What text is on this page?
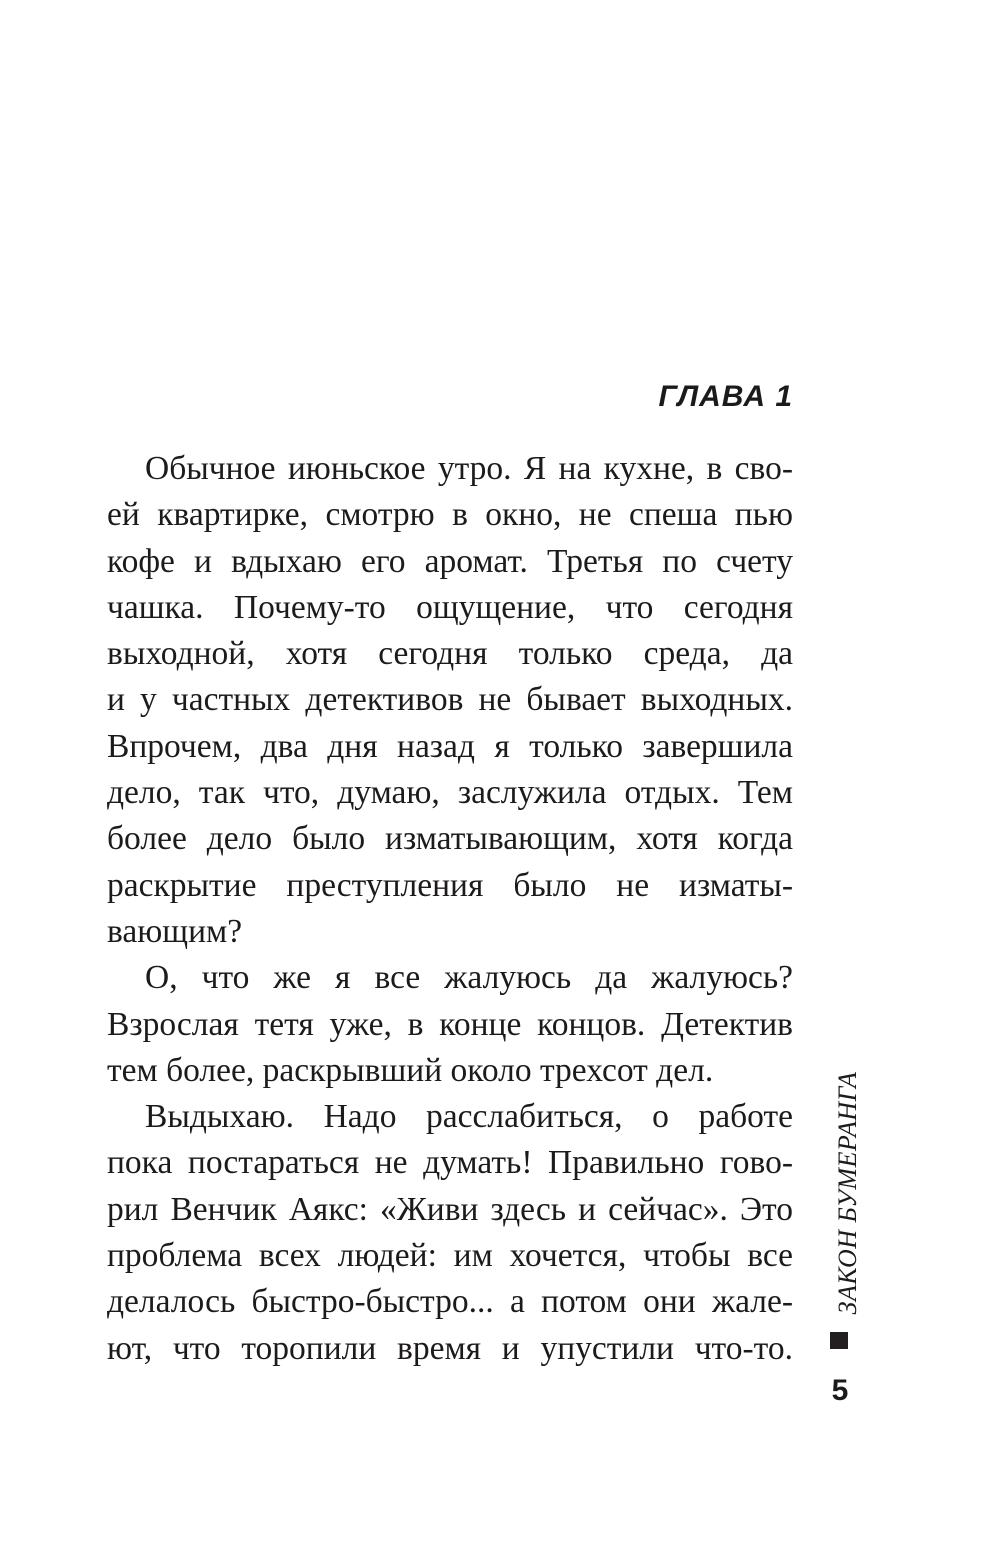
ГЛАВА 1
Обычное июньское утро. Я на кухне, в сво-
ей квартирке, смотрю в окно, не спеша пью
кофе и вдыхаю его аромат. Третья по счету
чашка. Почему-то ощущение, что сегодня
выходной, хотя сегодня только среда, да
и у частных детективов не бывает выходных.
Впрочем, два дня назад я только завершила
дело, так что, думаю, заслужила отдых. Тем
более дело было изматывающим, хотя когда
раскрытие преступления было не изматы-
вающим?
О, что же я все жалуюсь да жалуюсь?
Взрослая тетя уже, в конце концов. Детектив
тем более, раскрывший около трехсот дел.
Выдыхаю. Надо расслабиться, о работе
пока постараться не думать! Правильно гово-
рил Венчик Аякс: «Живи здесь и сейчас». Это
проблема всех людей: им хочется, чтобы все
делалось быстро-быстро... а потом они жале-
ют, что торопили время и упустили что-то.
ЗАКОН БУМЕРАНГА
5
